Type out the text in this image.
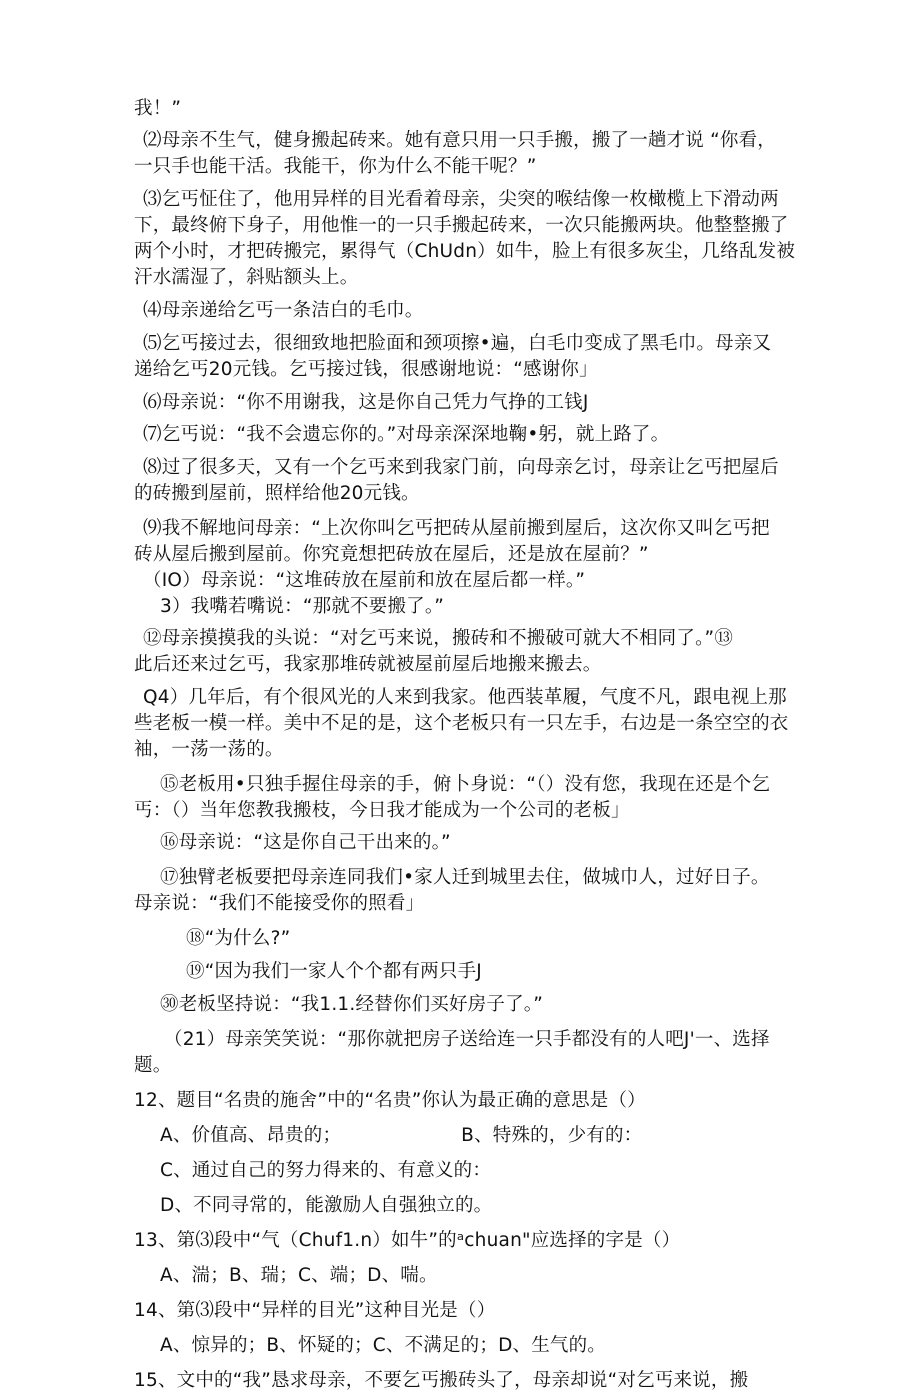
我！”
⑵母亲不生气，健身搬起砖来。她有意只用一只手搬，搬了一趟才说 “你看，
一只手也能干活。我能干，你为什么不能干呢？”
⑶乞丐怔住了，他用异样的目光看着母亲，尖突的喉结像一枚橄榄上下滑动两
下，最终俯下身子，用他惟一的一只手搬起砖来，一次只能搬两块。他整整搬了
两个小时，才把砖搬完，累得气（ChUdn）如牛，脸上有很多灰尘，几络乱发被
汗水濡湿了，斜贴额头上。
⑷母亲递给乞丐一条洁白的毛巾。
⑸乞丐接过去，很细致地把脸面和颈项擦•遍，白毛巾变成了黑毛巾。母亲又
递给乞丐20元钱。乞丐接过钱，很感谢地说：“感谢你｣
⑹母亲说：“你不用谢我，这是你自己凭力气挣的工钱J
⑺乞丐说：“我不会遗忘你的。”对母亲深深地鞠•躬，就上路了。
⑻过了很多天，又有一个乞丐来到我家门前，向母亲乞讨，母亲让乞丐把屋后
的砖搬到屋前，照样给他20元钱。
⑼我不解地问母亲：“上次你叫乞丐把砖从屋前搬到屋后，这次你又叫乞丐把
砖从屋后搬到屋前。你究竟想把砖放在屋后，还是放在屋前？”
（IO）母亲说：“这堆砖放在屋前和放在屋后都一样。”
3）我嘴若嘴说：“那就不要搬了。”
⑫母亲摸摸我的头说：“对乞丐来说，搬砖和不搬破可就大不相同了。”⑬
此后还来过乞丐，我家那堆砖就被屋前屋后地搬来搬去。
Q4）几年后，有个很风光的人来到我家。他西装革履，气度不凡，跟电视上那
些老板一模一样。美中不足的是，这个老板只有一只左手，右边是一条空空的衣
袖，一荡一荡的。
⑮老板用•只独手握住母亲的手，俯卜身说：“（）没有您，我现在还是个乞
丐：（）当年您教我搬枝，今日我才能成为一个公司的老板｣
⑯母亲说：“这是你自己干出来的。”
⑰独臂老板要把母亲连同我们•家人迁到城里去住，做城巾人，过好日子。
母亲说：“我们不能接受你的照看｣
⑱“为什么?”
⑲“因为我们一家人个个都有两只手J
㉚老板坚持说：“我1.1.经替你们买好房子了。”
（21）母亲笑笑说：“那你就把房子送给连一只手都没有的人吧J'一、选择
题。
12、题目“名贵的施舍”中的“名贵”你认为最正确的意思是（）
A、价值高、昂贵的；	B、特殊的，少有的：
C、通过自己的努力得来的、有意义的：
D、不同寻常的，能激励人自强独立的。
13、第⑶段中“气（Chuf1.n）如牛”的ᵃchuan"应选择的字是（）
A、湍；B、瑞；C、端；D、喘。
14、第⑶段中“异样的目光”这种目光是（）
A、惊异的；B、怀疑的；C、不满足的；D、生气的。
15、文中的“我”恳求母亲，不要乞丐搬砖头了，母亲却说“对乞丐来说，搬
